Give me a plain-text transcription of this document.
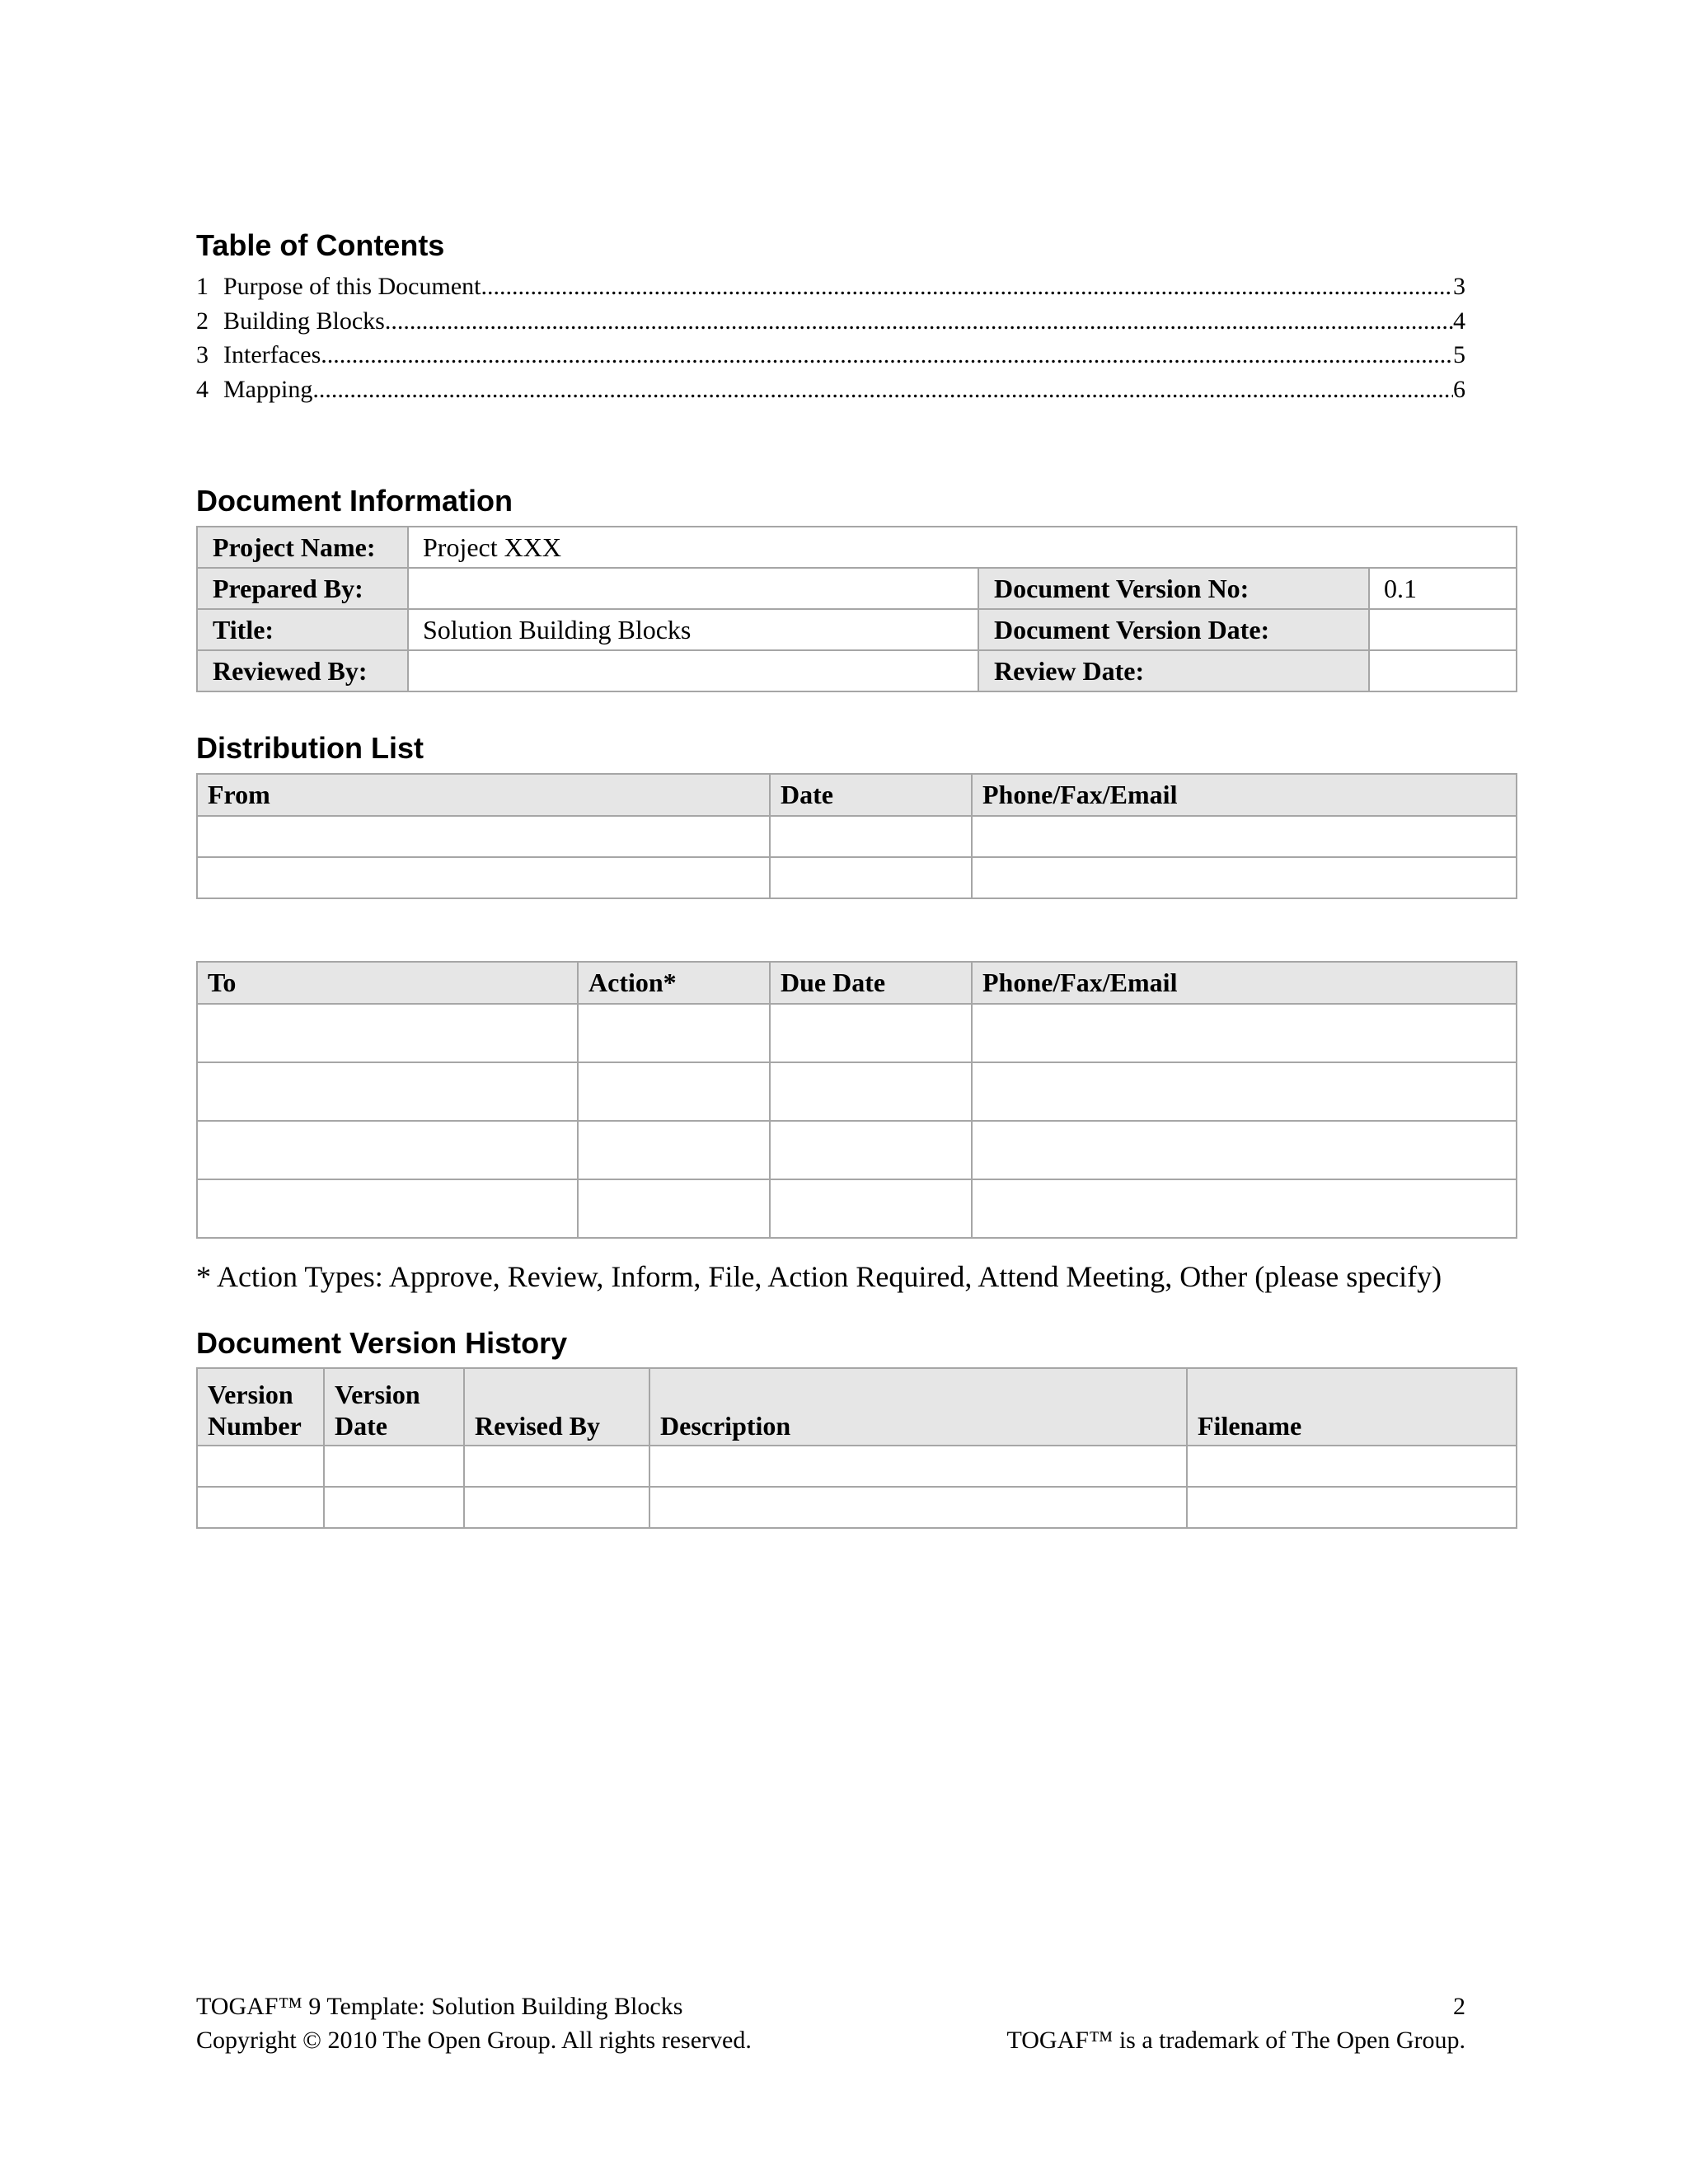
Table of Contents
1 Purpose of this Document .....	3
2 Building Blocks .....	4
3 Interfaces .....	5
4 Mapping .....	6
Document Information
Project Name:	Project XXX		
Prepared By:		Document Version No:	0.1
Title:	Solution Building Blocks	Document Version Date:	
Reviewed By:		Review Date:	
Distribution List
From	Date	Phone/Fax/Email

To	Action*	Due Date	Phone/Fax/Email

* Action Types: Approve, Review, Inform, File, Action Required, Attend Meeting, Other (please specify)
Document Version History
Version Number	Version Date	Revised By	Description	Filename

TOGAF™ 9 Template: Solution Building Blocks	2
Copyright © 2010 The Open Group. All rights reserved.	TOGAF™ is a trademark of The Open Group.
